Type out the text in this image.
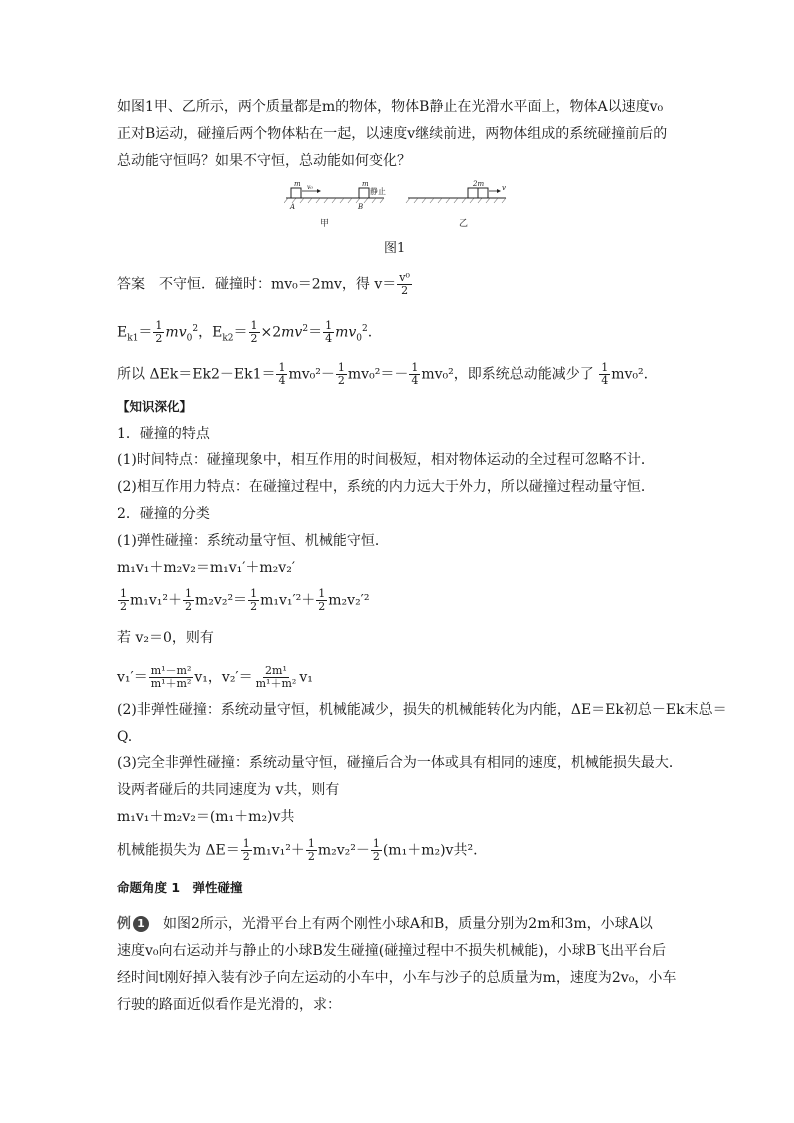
如图1甲、乙所示，两个质量都是m的物体，物体B静止在光滑水平面上，物体A以速度v₀
正对B运动，碰撞后两个物体粘在一起，以速度v继续前进，两物体组成的系统碰撞前后的
总动能守恒吗？如果不守恒，总动能如何变化？
m v₀	m
静止
A	B
甲
2m	v
乙
图1
答案　 不守恒．碰撞时：mv₀＝2mv，得 $v= \frac{\text{v⁰}}{2}$
$E_{k1}= \frac{1}{2} mv_0^2$，$E_{k2}= \frac{1}{2} \times 2mv^2= \frac{1}{4} mv_0^2$.
所以 $\Delta Ek=Ek2-Ek1= \frac{1}{4} mv_0^2- \frac{1}{2} mv_0^2=- \frac{1}{4} mv_0^2$，即系统总动能减少了 $\frac{1}{4} mv_0^2$.
【知识深化】
1．碰撞的特点
(1)时间特点：碰撞现象中，相互作用的时间极短，相对物体运动的全过程可忽略不计．
(2)相互作用力特点：在碰撞过程中，系统的内力远大于外力，所以碰撞过程动量守恒．
2．碰撞的分类
(1)弹性碰撞：系统动量守恒、机械能守恒．
m₁v₁＋m₂v₂＝m₁v₁′＋m₂v₂′
$\frac{1}{2} m_1v_1^2+ \frac{1}{2} m_2v_2^2= \frac{1}{2} m_1v_1'^2+ \frac{1}{2} m_2v_2'^2$
若 v₂＝0，则有
$v_1'= \frac{\text{m¹－m²}}{\text{m¹＋m²}} v_1$，$v_2'= \frac{\text{2m¹}}{\text{m¹＋m²}} v_1$
(2)非弹性碰撞：系统动量守恒，机械能减少，损失的机械能转化为内能，ΔE＝Ek初总－Ek末总＝
Q.
(3)完全非弹性碰撞：系统动量守恒，碰撞后合为一体或具有相同的速度，机械能损失最大．
设两者碰后的共同速度为 v共，则有
m₁v₁＋m₂v₂＝(m₁＋m₂)v共
机械能损失为 $\Delta E= \frac{1}{2} m_1v_1^2+ \frac{1}{2} m_2v_2^2- \frac{1}{2} (m_1+m_2)v$共².
命题角度 1　弹性碰撞
例 1
　 如图2所示，光滑平台上有两个刚性小球A和B，质量分别为2m和3m，小球A以
速度v₀向右运动并与静止的小球B发生碰撞(碰撞过程中不损失机械能)，小球B飞出平台后
经时间t刚好掉入装有沙子向左运动的小车中，小车与沙子的总质量为m，速度为2v₀，小车
行驶的路面近似看作是光滑的，求：
